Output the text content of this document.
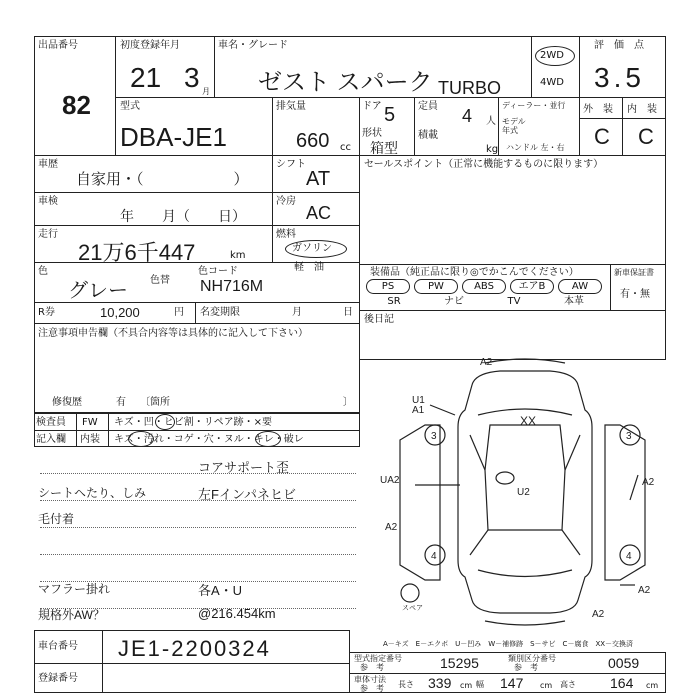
出品番号
82
初度登録年月
21 3 月
車名・グレード
ゼスト スパーク TURBO
2WD
4WD
評　価　点
3.5
型式
DBA-JE1
排気量
660 cc
ドア 5
形状
箱型
定員 4 人
積載
kg
ディーラー・並行
モデル
年式
ハンドル 左・右
外　装 内　装
C C
車歴
自家用・（　　　　　　）
車検
年　　月（　　日）
走行
21万6千447	km
色
グレー 色替
色コード
NH716M
シフト
AT
冷房
AC
燃料
ガソリン
軽　油
R券	10,200	円 名変期限	月	日
セールスポイント（正常に機能するものに限ります）
装備品（純正品に限り◎でかこんでください）
PS	PW	ABS	エアB	AW
SR	ナビ	TV	本革
新車保証書
有・無
後日記
注意事項申告欄（不具合内容等は具体的に記入して下さい）
修復歴	有 〔箇所	〕
検査員 FW キズ・凹・ヒビ割・リペア跡・×要
記入欄 内装 キズ・汚れ・コゲ・穴・ヌル・キレ・破レ
コアサポート歪
シートヘたり、しみ	左Fインパネヒビ
毛付着
マフラー掛れ	各A・U
規格外AW？	@216.454km
A2
U1
A1
XX
U2
UA2
A2
A2
A2
A2
3	3
4	4
スペア
A－キズ　E－エクボ　U－凹み　W－補修跡　S－サビ　C－腐食　XX－交換済
車台番号 JE1-2200324
登録番号
型式指定番号
参　考	15295	類別区分番号
参　考	0059
車体寸法
参　考 長さ 339 cm 幅 147 cm 高さ 164 cm
